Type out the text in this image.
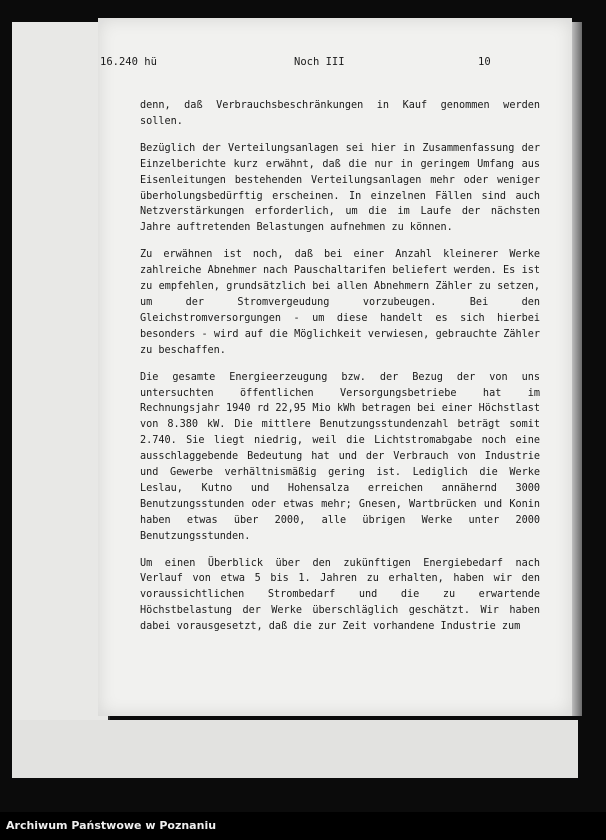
16.240 hü	Noch III	10

denn, daß Verbrauchsbeschränkungen in Kauf genommen werden sollen.

Bezüglich der Verteilungsanlagen sei hier in Zusammenfassung der Einzelberichte kurz erwähnt, daß die nur in geringem Umfang aus Eisenleitungen bestehenden Verteilungsanlagen mehr oder weniger überholungsbedürftig erscheinen. In einzelnen Fällen sind auch Netzverstärkungen erforderlich, um die im Laufe der nächsten Jahre auftretenden Belastungen aufnehmen zu können.

Zu erwähnen ist noch, daß bei einer Anzahl kleinerer Werke zahlreiche Abnehmer nach Pauschaltarifen beliefert werden. Es ist zu empfehlen, grundsätzlich bei allen Abnehmern Zähler zu setzen, um der Stromvergeudung vorzubeugen. Bei den Gleichstromversorgungen - um diese handelt es sich hierbei besonders - wird auf die Möglichkeit verwiesen, gebrauchte Zähler zu beschaffen.

Die gesamte Energieerzeugung bzw. der Bezug der von uns untersuchten öffentlichen Versorgungsbetriebe hat im Rechnungsjahr 1940 rd 22,95 Mio kWh betragen bei einer Höchstlast von 8.380 kW. Die mittlere Benutzungsstundenzahl beträgt somit 2.740. Sie liegt niedrig, weil die Lichtstromabgabe noch eine ausschlaggebende Bedeutung hat und der Verbrauch von Industrie und Gewerbe verhältnismäßig gering ist. Lediglich die Werke Leslau, Kutno und Hohensalza erreichen annähernd 3000 Benutzungsstunden oder etwas mehr; Gnesen, Wartbrücken und Konin haben etwas über 2000, alle übrigen Werke unter 2000 Benutzungsstunden.

Um einen Überblick über den zukünftigen Energiebedarf nach Verlauf von etwa 5 bis 1. Jahren zu erhalten, haben wir den voraussichtlichen Strombedarf und die zu erwartende Höchstbelastung der Werke überschläglich geschätzt. Wir haben dabei vorausgesetzt, daß die zur Zeit vorhandene Industrie zum

Archiwum Państwowe w Poznaniu
